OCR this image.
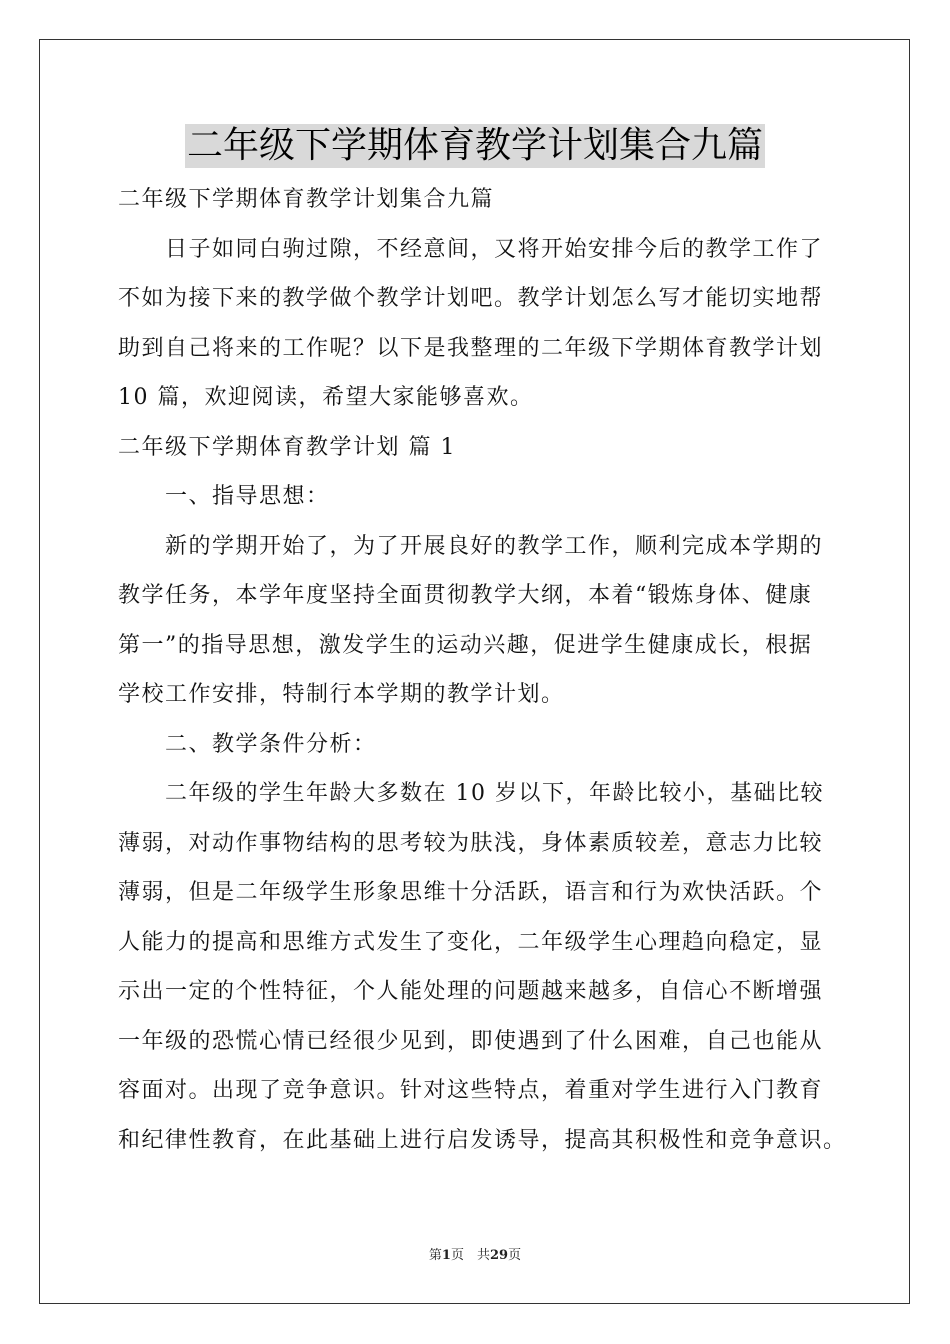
二年级下学期体育教学计划集合九篇
二年级下学期体育教学计划集合九篇
日子如同白驹过隙，不经意间，又将开始安排今后的教学工作了
不如为接下来的教学做个教学计划吧。教学计划怎么写才能切实地帮
助到自己将来的工作呢？以下是我整理的二年级下学期体育教学计划
10 篇，欢迎阅读，希望大家能够喜欢。
二年级下学期体育教学计划 篇 1
一、指导思想：
新的学期开始了，为了开展良好的教学工作，顺利完成本学期的
教学任务，本学年度坚持全面贯彻教学大纲，本着“锻炼身体、健康
第一”的指导思想，激发学生的运动兴趣，促进学生健康成长，根据
学校工作安排，特制行本学期的教学计划。
二、教学条件分析：
二年级的学生年龄大多数在 10 岁以下，年龄比较小，基础比较
薄弱，对动作事物结构的思考较为肤浅，身体素质较差，意志力比较
薄弱，但是二年级学生形象思维十分活跃，语言和行为欢快活跃。个
人能力的提高和思维方式发生了变化，二年级学生心理趋向稳定，显
示出一定的个性特征，个人能处理的问题越来越多，自信心不断增强
一年级的恐慌心情已经很少见到，即使遇到了什么困难，自己也能从
容面对。出现了竞争意识。针对这些特点，着重对学生进行入门教育
和纪律性教育，在此基础上进行启发诱导，提高其积极性和竞争意识。
第1页　共29页
